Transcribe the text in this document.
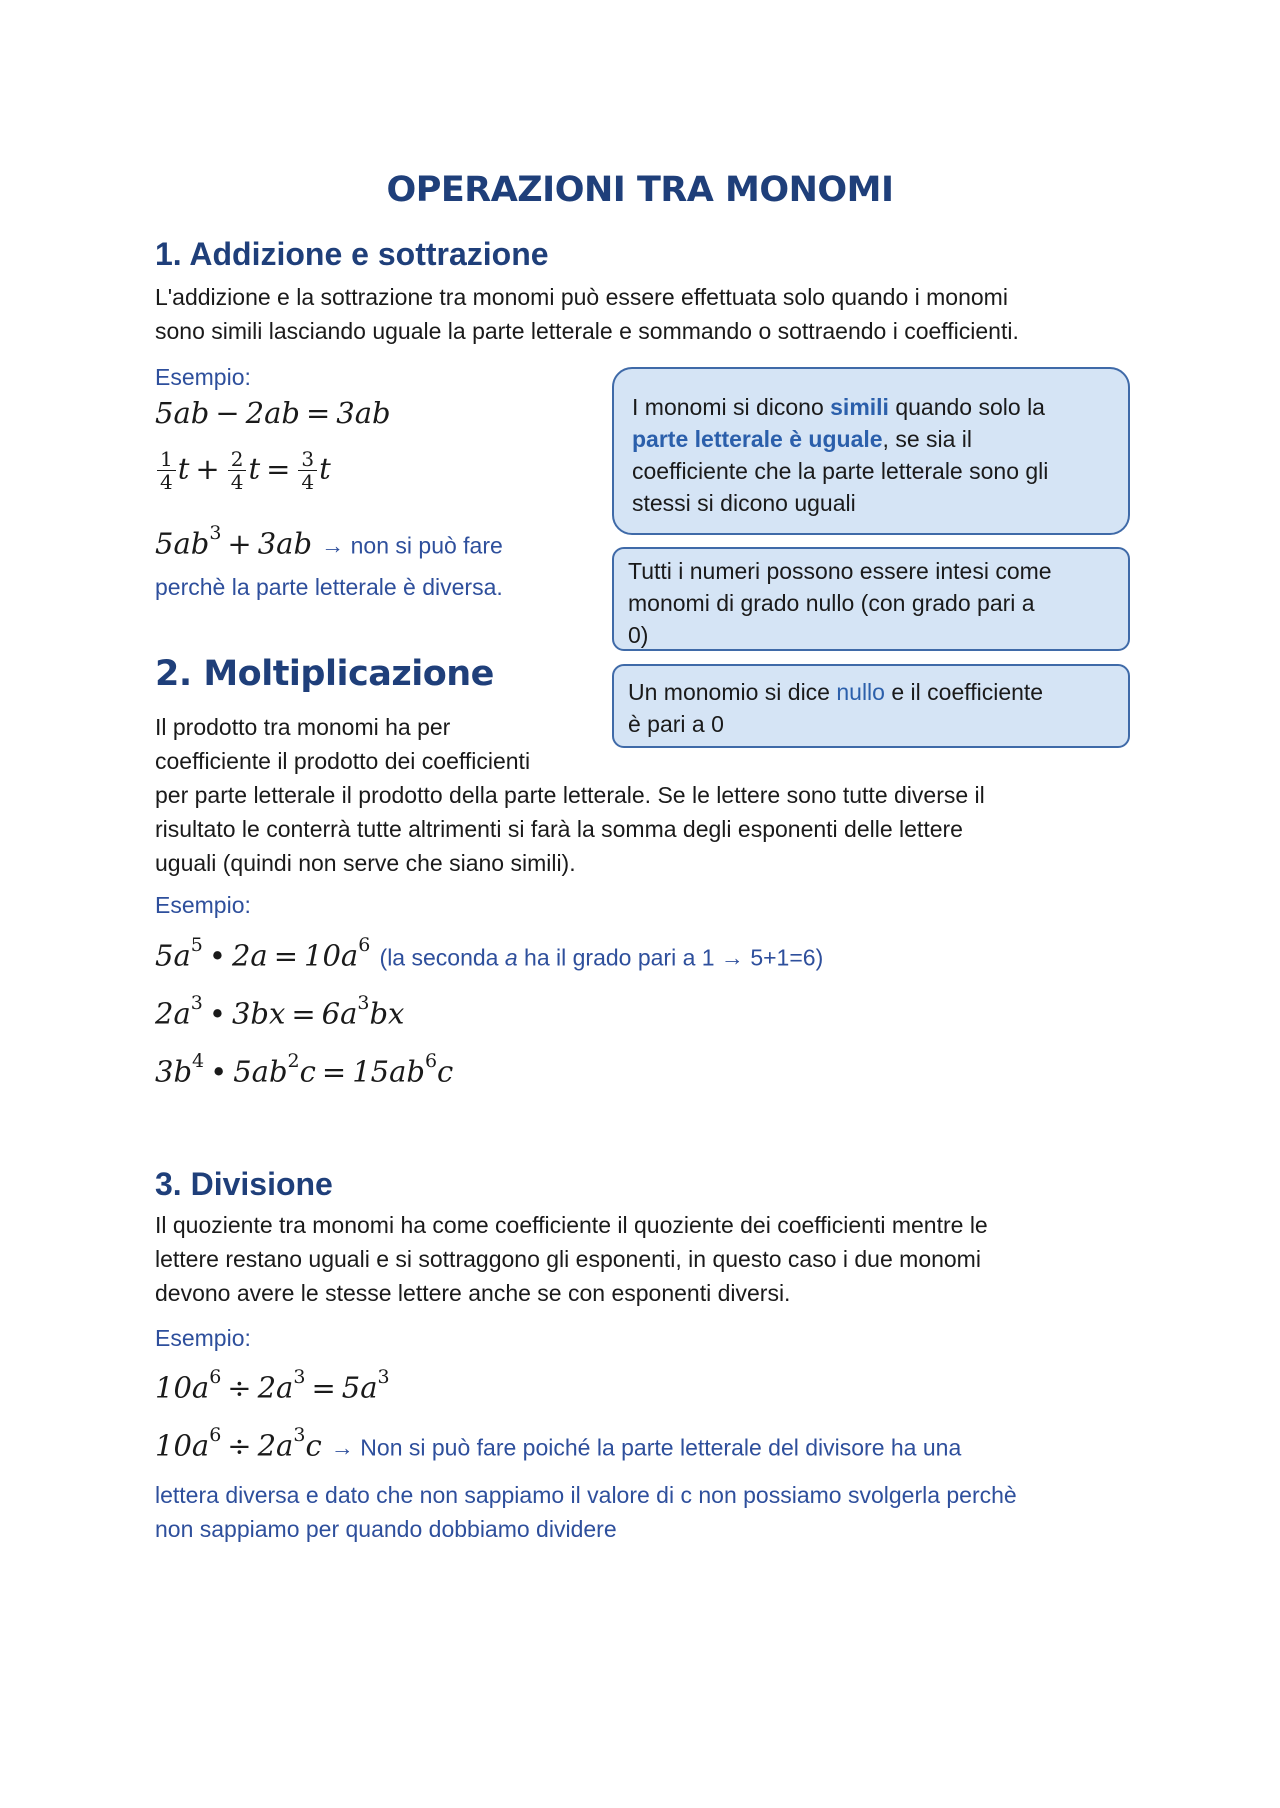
OPERAZIONI TRA MONOMI
1. Addizione e sottrazione
L'addizione e la sottrazione tra monomi può essere effettuata solo quando i monomi
sono simili lasciando uguale la parte letterale e sommando o sottraendo i coefficienti.
Esempio:
5ab − 2ab = 3ab
$\frac{1}{4}$ $t + \frac{2}{4}$ $t = \frac{3}{4}$ t
$5ab^3 + 3ab$ → non si può fare
perchè la parte letterale è diversa.
I monomi si dicono simili quando solo la
parte letterale è uguale, se sia il
coefficiente che la parte letterale sono gli
stessi si dicono uguali
Tutti i numeri possono essere intesi come
monomi di grado nullo (con grado pari a
0)
Un monomio si dice nullo e il coefficiente
è pari a 0
2. Moltiplicazione
Il prodotto tra monomi ha per
coefficiente il prodotto dei coefficienti
per parte letterale il prodotto della parte letterale. Se le lettere sono tutte diverse il
risultato le conterrà tutte altrimenti si farà la somma degli esponenti delle lettere
uguali (quindi non serve che siano simili).
Esempio:
$5a^5$ • $2a = 10a^6$ (la seconda a ha il grado pari a 1 → 5+1=6)
$2a^3$ • $3bx = 6a^3bx$
$3b^4$ • $5ab^2c = 15ab^6c$
3. Divisione
Il quoziente tra monomi ha come coefficiente il quoziente dei coefficienti mentre le
lettere restano uguali e si sottraggono gli esponenti, in questo caso i due monomi
devono avere le stesse lettere anche se con esponenti diversi.
Esempio:
$10a^6 \div 2a^3 = 5a^3$
$10a^6 \div 2a^3c$ → Non si può fare poiché la parte letterale del divisore ha una
lettera diversa e dato che non sappiamo il valore di c non possiamo svolgerla perchè
non sappiamo per quando dobbiamo dividere
